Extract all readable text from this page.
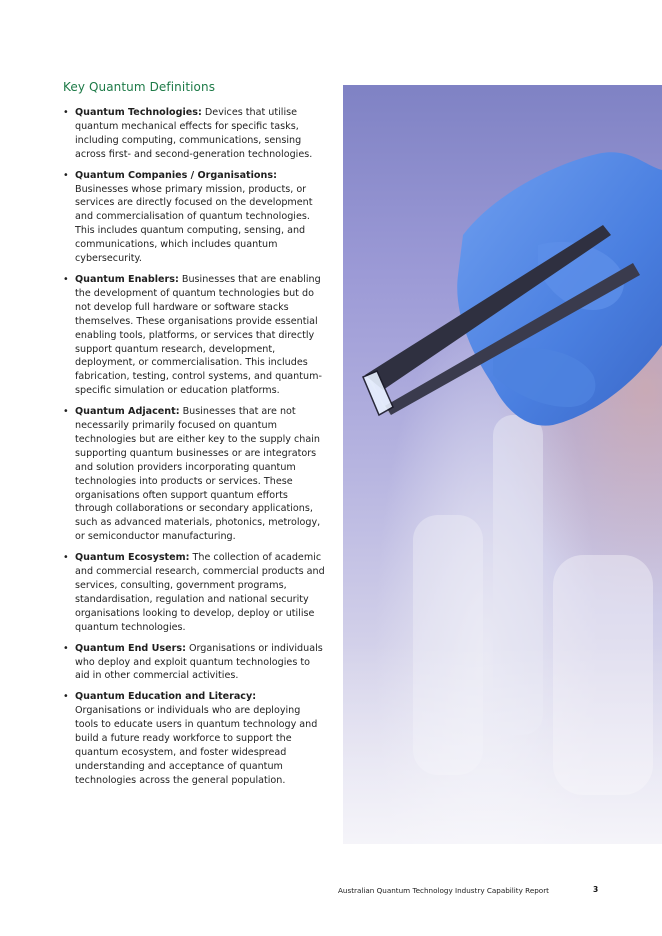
Key Quantum Definitions
• Quantum Technologies: Devices that utilise quantum mechanical effects for specific tasks, including computing, communications, sensing across first- and second-generation technologies.
• Quantum Companies / Organisations: Businesses whose primary mission, products, or services are directly focused on the development and commercialisation of quantum technologies. This includes quantum computing, sensing, and communications, which includes quantum cybersecurity.
• Quantum Enablers: Businesses that are enabling the development of quantum technologies but do not develop full hardware or software stacks themselves. These organisations provide essential enabling tools, platforms, or services that directly support quantum research, development, deployment, or commercialisation. This includes fabrication, testing, control systems, and quantum-specific simulation or education platforms.
• Quantum Adjacent: Businesses that are not necessarily primarily focused on quantum technologies but are either key to the supply chain supporting quantum businesses or are integrators and solution providers incorporating quantum technologies into products or services. These organisations often support quantum efforts through collaborations or secondary applications, such as advanced materials, photonics, metrology, or semiconductor manufacturing.
• Quantum Ecosystem: The collection of academic and commercial research, commercial products and services, consulting, government programs, standardisation, regulation and national security organisations looking to develop, deploy or utilise quantum technologies.
• Quantum End Users: Organisations or individuals who deploy and exploit quantum technologies to aid in other commercial activities.
• Quantum Education and Literacy: Organisations or individuals who are deploying tools to educate users in quantum technology and build a future ready workforce to support the quantum ecosystem, and foster widespread understanding and acceptance of quantum technologies across the general population.
Australian Quantum Technology Industry Capability Report	3
